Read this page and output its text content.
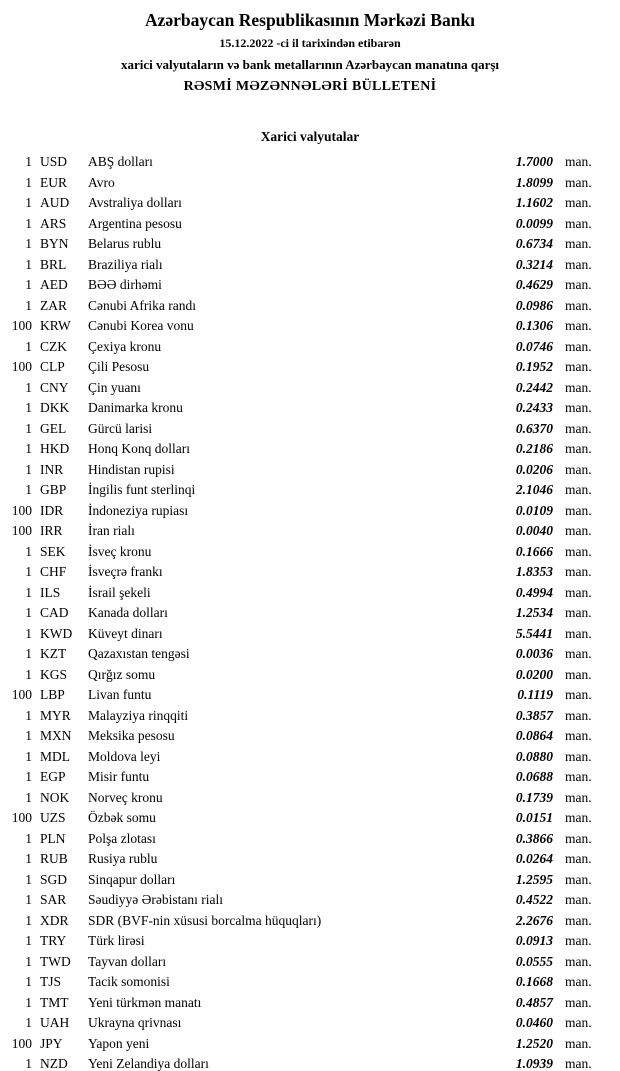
Azərbaycan Respublikasının Mərkəzi Bankı
15.12.2022 -ci il tarixindən etibarən
xarici valyutaların və bank metallarının Azərbaycan manatına qarşı
RƏSMİ MƏZƏNNƏLƏRİ BÜLLETENİ
Xarici valyutalar
1 USD	ABŞ dolları	1.7000 man.
1 EUR	Avro	1.8099 man.
1 AUD	Avstraliya dolları	1.1602 man.
1 ARS	Argentina pesosu	0.0099 man.
1 BYN	Belarus rublu	0.6734 man.
1 BRL	Braziliya rialı	0.3214 man.
1 AED	BƏƏ dirhəmi	0.4629 man.
1 ZAR	Cənubi Afrika randı	0.0986 man.
100 KRW	Cənubi Korea vonu	0.1306 man.
1 CZK	Çexiya kronu	0.0746 man.
100 CLP	Çili Pesosu	0.1952 man.
1 CNY	Çin yuanı	0.2442 man.
1 DKK	Danimarka kronu	0.2433 man.
1 GEL	Gürcü larisi	0.6370 man.
1 HKD	Honq Konq dolları	0.2186 man.
1 INR	Hindistan rupisi	0.0206 man.
1 GBP	İngilis funt sterlinqi	2.1046 man.
100 IDR	İndoneziya rupiası	0.0109 man.
100 IRR	İran rialı	0.0040 man.
1 SEK	İsveç kronu	0.1666 man.
1 CHF	İsveçrə frankı	1.8353 man.
1 ILS	İsrail şekeli	0.4994 man.
1 CAD	Kanada dolları	1.2534 man.
1 KWD	Küveyt dinarı	5.5441 man.
1 KZT	Qazaxıstan tengəsi	0.0036 man.
1 KGS	Qırğız somu	0.0200 man.
100 LBP	Livan funtu	0.1119 man.
1 MYR	Malayziya rinqqiti	0.3857 man.
1 MXN	Meksika pesosu	0.0864 man.
1 MDL	Moldova leyi	0.0880 man.
1 EGP	Misir funtu	0.0688 man.
1 NOK	Norveç kronu	0.1739 man.
100 UZS	Özbək somu	0.0151 man.
1 PLN	Polşa zlotası	0.3866 man.
1 RUB	Rusiya rublu	0.0264 man.
1 SGD	Sinqapur dolları	1.2595 man.
1 SAR	Səudiyyə Ərəbistanı rialı	0.4522 man.
1 XDR	SDR (BVF-nin xüsusi borcalma hüquqları)	2.2676 man.
1 TRY	Türk lirəsi	0.0913 man.
1 TWD	Tayvan dolları	0.0555 man.
1 TJS	Tacik somonisi	0.1668 man.
1 TMT	Yeni türkmən manatı	0.4857 man.
1 UAH	Ukrayna qrivnası	0.0460 man.
100 JPY	Yapon yeni	1.2520 man.
1 NZD	Yeni Zelandiya dolları	1.0939 man.
